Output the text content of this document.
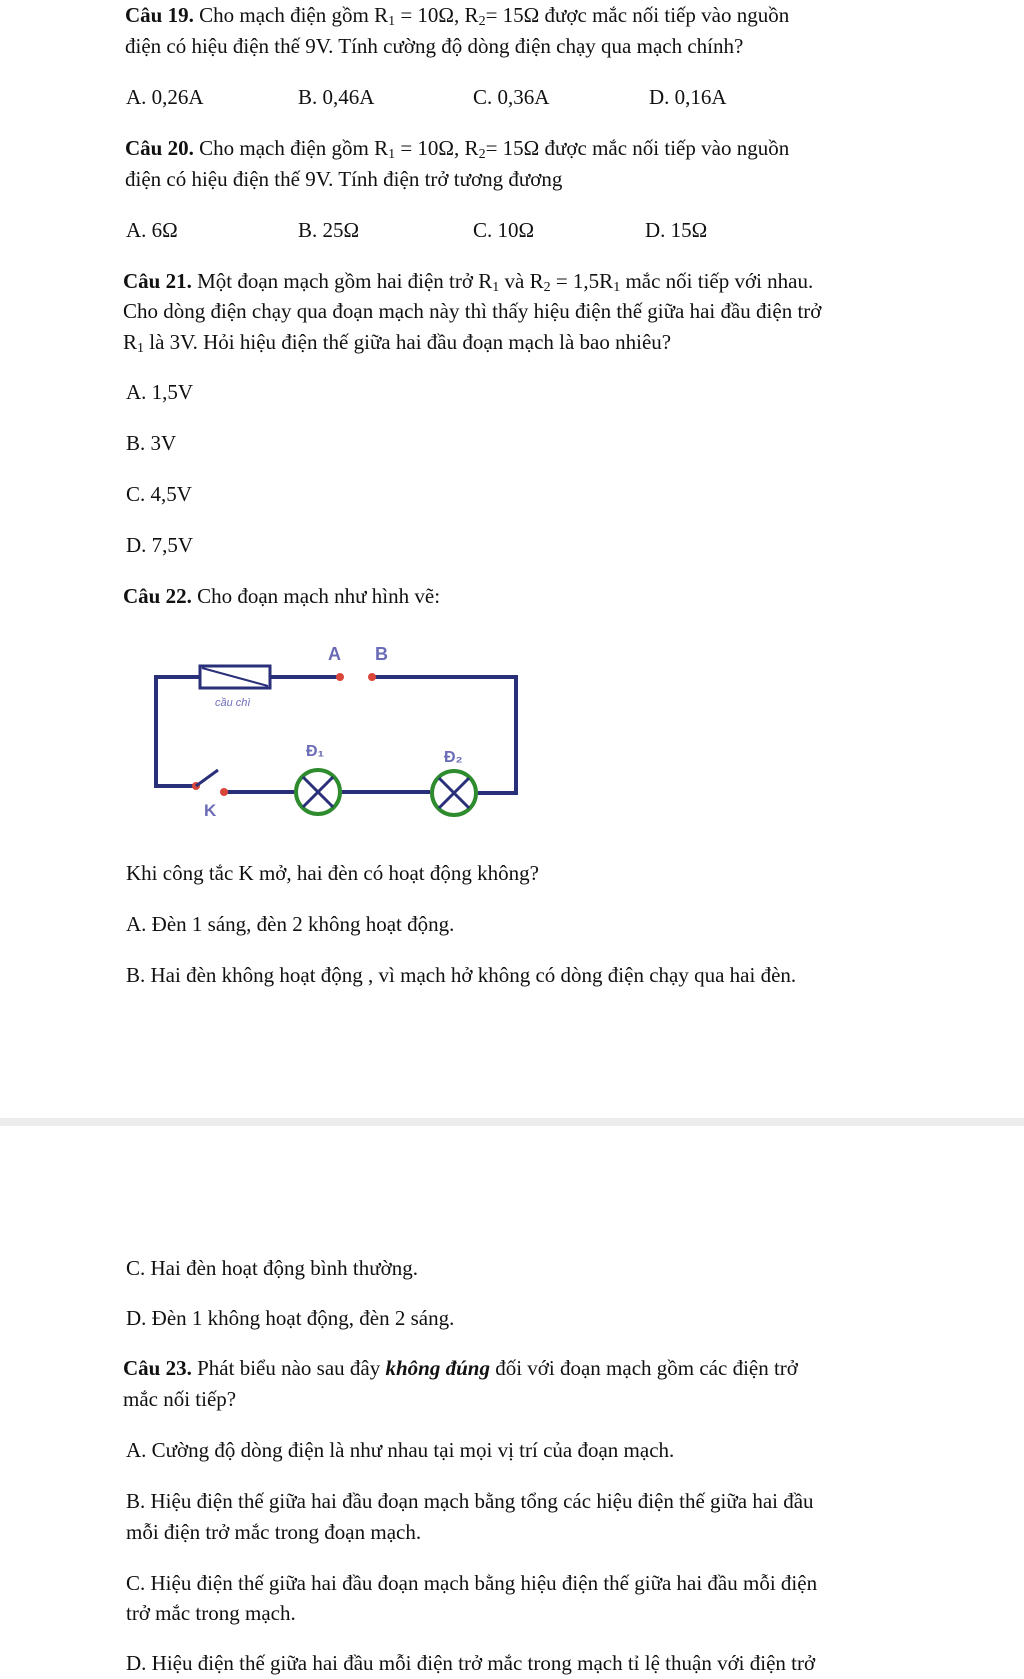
Câu 19. Cho mạch điện gồm $R_1 = 10\Omega$, $R_2= 15\Omega$ được mắc nối tiếp vào nguồn

điện có hiệu điện thế 9V. Tính cường độ dòng điện chạy qua mạch chính?

A. 0,26A	B. 0,46A	C. 0,36A	D. 0,16A

Câu 20. Cho mạch điện gồm $R_1 = 10\Omega$, $R_2= 15\Omega$ được mắc nối tiếp vào nguồn

điện có hiệu điện thế 9V. Tính điện trở tương đương

A. 6Ω	B. 25Ω	C. 10Ω	D. 15Ω

Câu 21. Một đoạn mạch gồm hai điện trở $R_1$ và $R_2 = 1,5R_1$ mắc nối tiếp với nhau.

Cho dòng điện chạy qua đoạn mạch này thì thấy hiệu điện thế giữa hai đầu điện trở

$R_1$ là 3V. Hỏi hiệu điện thế giữa hai đầu đoạn mạch là bao nhiêu?

A. 1,5V
B. 3V
C. 4,5V
D. 7,5V

Câu 22. Cho đoạn mạch như hình vẽ:

cầu chì
A B
K
Đ₁	Đ₂

Khi công tắc K mở, hai đèn có hoạt động không?

A. Đèn 1 sáng, đèn 2 không hoạt động.
B. Hai đèn không hoạt động , vì mạch hở không có dòng điện chạy qua hai đèn.
C. Hai đèn hoạt động bình thường.
D. Đèn 1 không hoạt động, đèn 2 sáng.

Câu 23. Phát biểu nào sau đây không đúng đối với đoạn mạch gồm các điện trở

mắc nối tiếp?

A. Cường độ dòng điện là như nhau tại mọi vị trí của đoạn mạch.

B. Hiệu điện thế giữa hai đầu đoạn mạch bằng tổng các hiệu điện thế giữa hai đầu

mỗi điện trở mắc trong đoạn mạch.

C. Hiệu điện thế giữa hai đầu đoạn mạch bằng hiệu điện thế giữa hai đầu mỗi điện

trở mắc trong mạch.

D. Hiệu điện thế giữa hai đầu mỗi điện trở mắc trong mạch tỉ lệ thuận với điện trở
